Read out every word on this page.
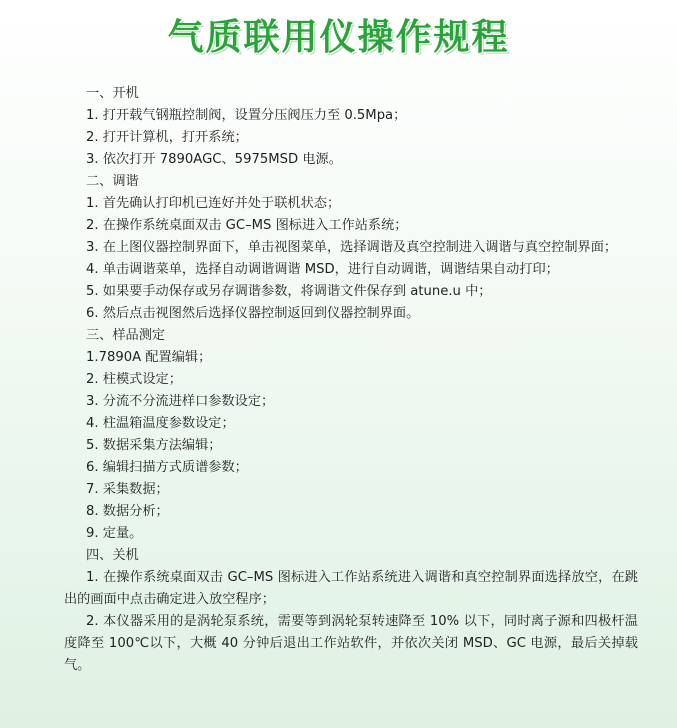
气质联用仪操作规程
一、开机
1. 打开载气钢瓶控制阀，设置分压阀压力至 0.5Mpa；
2. 打开计算机，打开系统；
3. 依次打开 7890AGC、5975MSD 电源。
二、调谐
1. 首先确认打印机已连好并处于联机状态；
2. 在操作系统桌面双击 GC–MS 图标进入工作站系统；
3. 在上图仪器控制界面下，单击视图菜单，选择调谐及真空控制进入调谐与真空控制界面；
4. 单击调谐菜单，选择自动调谐调谐 MSD，进行自动调谐，调谐结果自动打印；
5. 如果要手动保存或另存调谐参数，将调谐文件保存到 atune.u 中；
6. 然后点击视图然后选择仪器控制返回到仪器控制界面。
三、样品测定
1.7890A 配置编辑；
2. 柱模式设定；
3. 分流不分流进样口参数设定；
4. 柱温箱温度参数设定；
5. 数据采集方法编辑；
6. 编辑扫描方式质谱参数；
7. 采集数据；
8. 数据分析；
9. 定量。
四、关机
1. 在操作系统桌面双击 GC–MS 图标进入工作站系统进入调谐和真空控制界面选择放空，在跳出的画面中点击确定进入放空程序；
2. 本仪器采用的是涡轮泵系统，需要等到涡轮泵转速降至 10% 以下，同时离子源和四极杆温度降至 100℃以下，大概 40 分钟后退出工作站软件，并依次关闭 MSD、GC 电源，最后关掉载气。
